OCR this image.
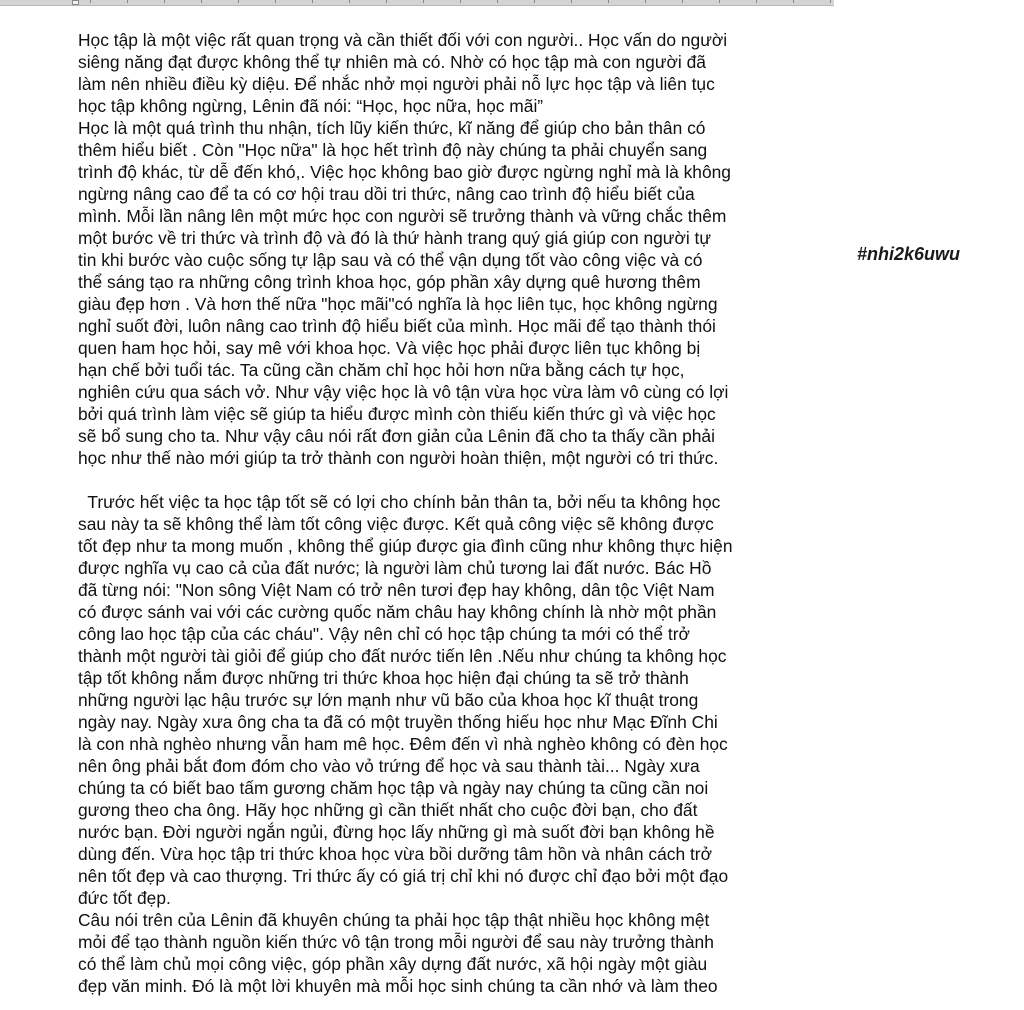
Học tập là một việc rất quan trọng và cần thiết đối với con người.. Học vấn do người
siêng năng đạt được không thể tự nhiên mà có. Nhờ có học tập mà con người đã
làm nên nhiều điều kỳ diệu. Để nhắc nhở mọi người phải nỗ lực học tập và liên tục
học tập không ngừng, Lênin đã nói: “Học, học nữa, học mãi”
Học là một quá trình thu nhận, tích lũy kiến thức, kĩ năng để giúp cho bản thân có
thêm hiểu biết . Còn "Học nữa" là học hết trình độ này chúng ta phải chuyển sang
trình độ khác, từ dễ đến khó,. Việc học không bao giờ được ngừng nghỉ mà là không
ngừng nâng cao để ta có cơ hội trau dồi tri thức, nâng cao trình độ hiểu biết của
mình. Mỗi lần nâng lên một mức học con người sẽ trưởng thành và vững chắc thêm
một bước về tri thức và trình độ và đó là thứ hành trang quý giá giúp con người tự
tin khi bước vào cuộc sống tự lập sau và có thể vận dụng tốt vào công việc và có
thể sáng tạo ra những công trình khoa học, góp phần xây dựng quê hương thêm
giàu đẹp hơn . Và hơn thế nữa "học mãi"có nghĩa là học liên tục, học không ngừng
nghỉ suốt đời, luôn nâng cao trình độ hiểu biết của mình. Học mãi để tạo thành thói
quen ham học hỏi, say mê với khoa học. Và việc học phải được liên tục không bị
hạn chế bởi tuổi tác. Ta cũng cần chăm chỉ học hỏi hơn nữa bằng cách tự học,
nghiên cứu qua sách vở. Như vậy việc học là vô tận vừa học vừa làm vô cùng có lợi
bởi quá trình làm việc sẽ giúp ta hiểu được mình còn thiếu kiến thức gì và việc học
sẽ bổ sung cho ta. Như vậy câu nói rất đơn giản của Lênin đã cho ta thấy cần phải
học như thế nào mới giúp ta trở thành con người hoàn thiện, một người có tri thức.
Trước hết việc ta học tập tốt sẽ có lợi cho chính bản thân ta, bởi nếu ta không học
sau này ta sẽ không thể làm tốt công việc được. Kết quả công việc sẽ không được
tốt đẹp như ta mong muốn , không thể giúp được gia đình cũng như không thực hiện
được nghĩa vụ cao cả của đất nước; là người làm chủ tương lai đất nước. Bác Hồ
đã từng nói: "Non sông Việt Nam có trở nên tươi đẹp hay không, dân tộc Việt Nam
có được sánh vai với các cường quốc năm châu hay không chính là nhờ một phần
công lao học tập của các cháu". Vậy nên chỉ có học tập chúng ta mới có thể trở
thành một người tài giỏi để giúp cho đất nước tiến lên .Nếu như chúng ta không học
tập tốt không nắm được những tri thức khoa học hiện đại chúng ta sẽ trở thành
những người lạc hậu trước sự lớn mạnh như vũ bão của khoa học kĩ thuật trong
ngày nay. Ngày xưa ông cha ta đã có một truyền thống hiếu học như Mạc Đĩnh Chi
là con nhà nghèo nhưng vẫn ham mê học. Đêm đến vì nhà nghèo không có đèn học
nên ông phải bắt đom đóm cho vào vỏ trứng để học và sau thành tài... Ngày xưa
chúng ta có biết bao tấm gương chăm học tập và ngày nay chúng ta cũng cần noi
gương theo cha ông. Hãy học những gì cần thiết nhất cho cuộc đời bạn, cho đất
nước bạn. Đời người ngắn ngủi, đừng học lấy những gì mà suốt đời bạn không hề
dùng đến. Vừa học tập tri thức khoa học vừa bồi dưỡng tâm hồn và nhân cách trở
nên tốt đẹp và cao thượng. Tri thức ấy có giá trị chỉ khi nó được chỉ đạo bởi một đạo
đức tốt đẹp.
Câu nói trên của Lênin đã khuyên chúng ta phải học tập thật nhiều học không mệt
mỏi để tạo thành nguồn kiến thức vô tận trong mỗi người để sau này trưởng thành
có thể làm chủ mọi công việc, góp phần xây dựng đất nước, xã hội ngày một giàu
đẹp văn minh. Đó là một lời khuyên mà mỗi học sinh chúng ta cần nhớ và làm theo
#nhi2k6uwu
